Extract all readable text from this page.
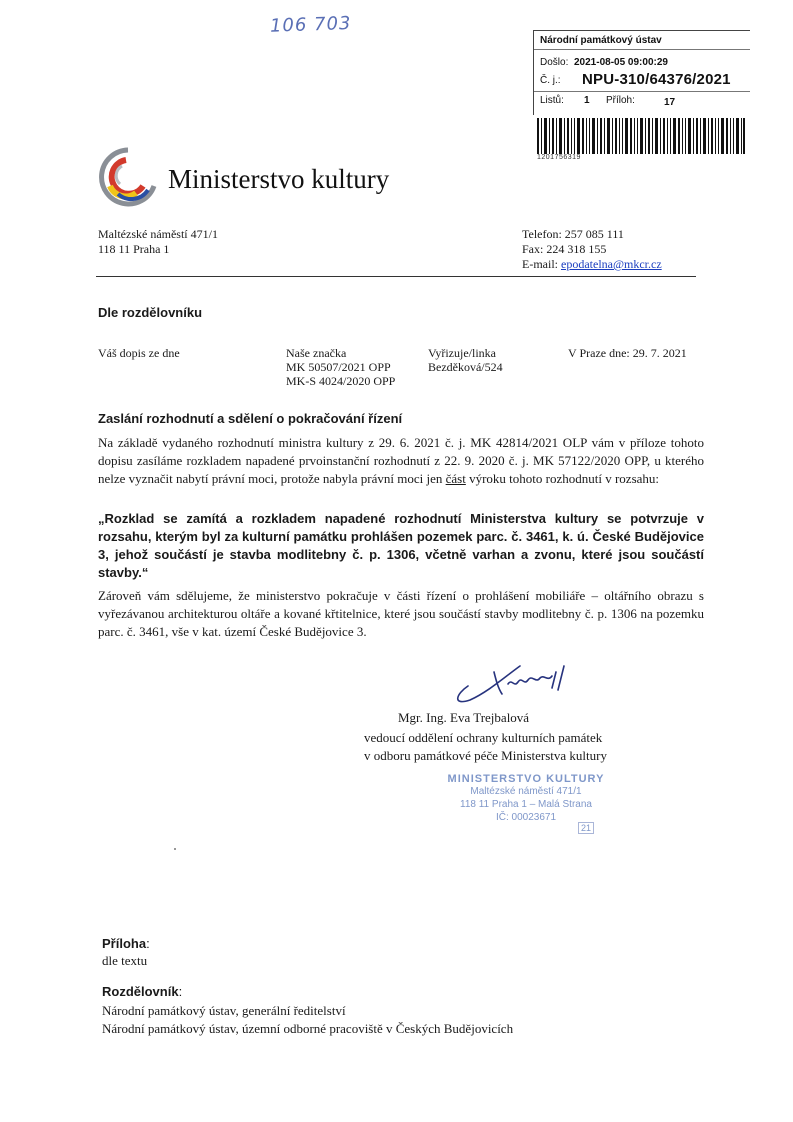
106 703
Národní památkový ústav
Došlo: 2021-08-05 09:00:29
Č. j.: NPU-310/64376/2021
Listů: 1 Příloh:	17
1201756319
Ministerstvo kultury
Maltézské náměstí 471/1
118 11 Praha 1
Telefon: 257 085 111
Fax: 224 318 155
E-mail: epodatelna@mkcr.cz
Dle rozdělovníku
Váš dopis ze dne	Naše značka
MK 50507/2021 OPP
MK-S 4024/2020 OPP
Vyřizuje/linka
Bezděková/524
V Praze dne: 29. 7. 2021
Zaslání rozhodnutí a sdělení o pokračování řízení
Na základě vydaného rozhodnutí ministra kultury z 29. 6. 2021 č. j. MK 42814/2021 OLP vám v příloze tohoto dopisu zasíláme rozkladem napadené prvoinstanční rozhodnutí z 22. 9. 2020 č. j. MK 57122/2020 OPP, u kterého nelze vyznačit nabytí právní moci, protože nabyla právní moci jen část výroku tohoto rozhodnutí v rozsahu:
„Rozklad se zamítá a rozkladem napadené rozhodnutí Ministerstva kultury se potvrzuje v rozsahu, kterým byl za kulturní památku prohlášen pozemek parc. č. 3461, k. ú. České Budějovice 3, jehož součástí je stavba modlitebny č. p. 1306, včetně varhan a zvonu, které jsou součástí stavby.“
Zároveň vám sdělujeme, že ministerstvo pokračuje v části řízení o prohlášení mobiliáře – oltářního obrazu s vyřezávanou architekturou oltáře a kované křtitelnice, které jsou součástí stavby modlitebny č. p. 1306 na pozemku parc. č. 3461, vše v kat. území České Budějovice 3.
Mgr. Ing. Eva Trejbalová
vedoucí oddělení ochrany kulturních památek
v odboru památkové péče Ministerstva kultury
MINISTERSTVO KULTURY
Maltézské náměstí 471/1
118 11 Praha 1 – Malá Strana
IČ: 00023671
21
Příloha:
dle textu
Rozdělovník:
Národní památkový ústav, generální ředitelství
Národní památkový ústav, územní odborné pracoviště v Českých Budějovicích
